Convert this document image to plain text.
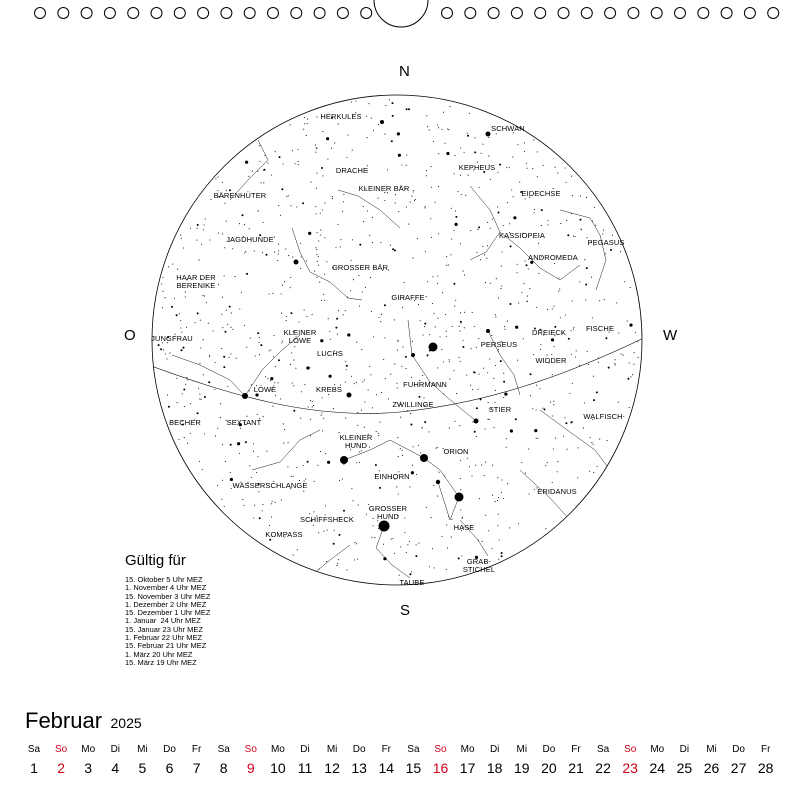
N
S
O	W
HERKULES
SCHWAN
DRACHE	KEPHEUS
KLEINER BÄR
EIDECHSE
BÄRENHÜTER
KASSIOPEIA
PEGASUS
JAGDHUNDE
ANDROMEDA
GROSSER BÄR
HAAR DER
BERENIKE
GIRAFFE
KLEINER
LÖWE
DREIECK	FISCHE
JUNGFRAU
LUCHS
PERSEUS
WIDDER
FUHRMANN
LÖWE	KREBS
ZWILLINGE
STIER
WALFISCH
BECHER	SEXTANT
KLEINER
HUND
ORION
EINHORN
WASSERSCHLANGE
ERIDANUS
GROSSER
HUND
SCHIFFSHECK
HASE
KOMPASS
GRAB-
STICHEL
TAUBE
Gültig für
15. Oktober 5 Uhr MEZ
1. November 4 Uhr MEZ
15. November 3 Uhr MEZ
1. Dezember 2 Uhr MEZ
15. Dezember 1 Uhr MEZ
1. Januar  24 Uhr MEZ
15. Januar 23 Uhr MEZ
1. Februar 22 Uhr MEZ
15. Februar 21 Uhr MEZ
1. März 20 Uhr MEZ
15. März 19 Uhr MEZ
Februar 2025
Sa So Mo Di Mi Do Fr Sa So Mo Di Mi Do Fr Sa So Mo Di Mi Do Fr Sa So Mo Di Mi Do Fr
1 2 3 4 5 6 7 8 9 10 11 12 13 14 15 16 17 18 19 20 21 22 23 24 25 26 27 28
